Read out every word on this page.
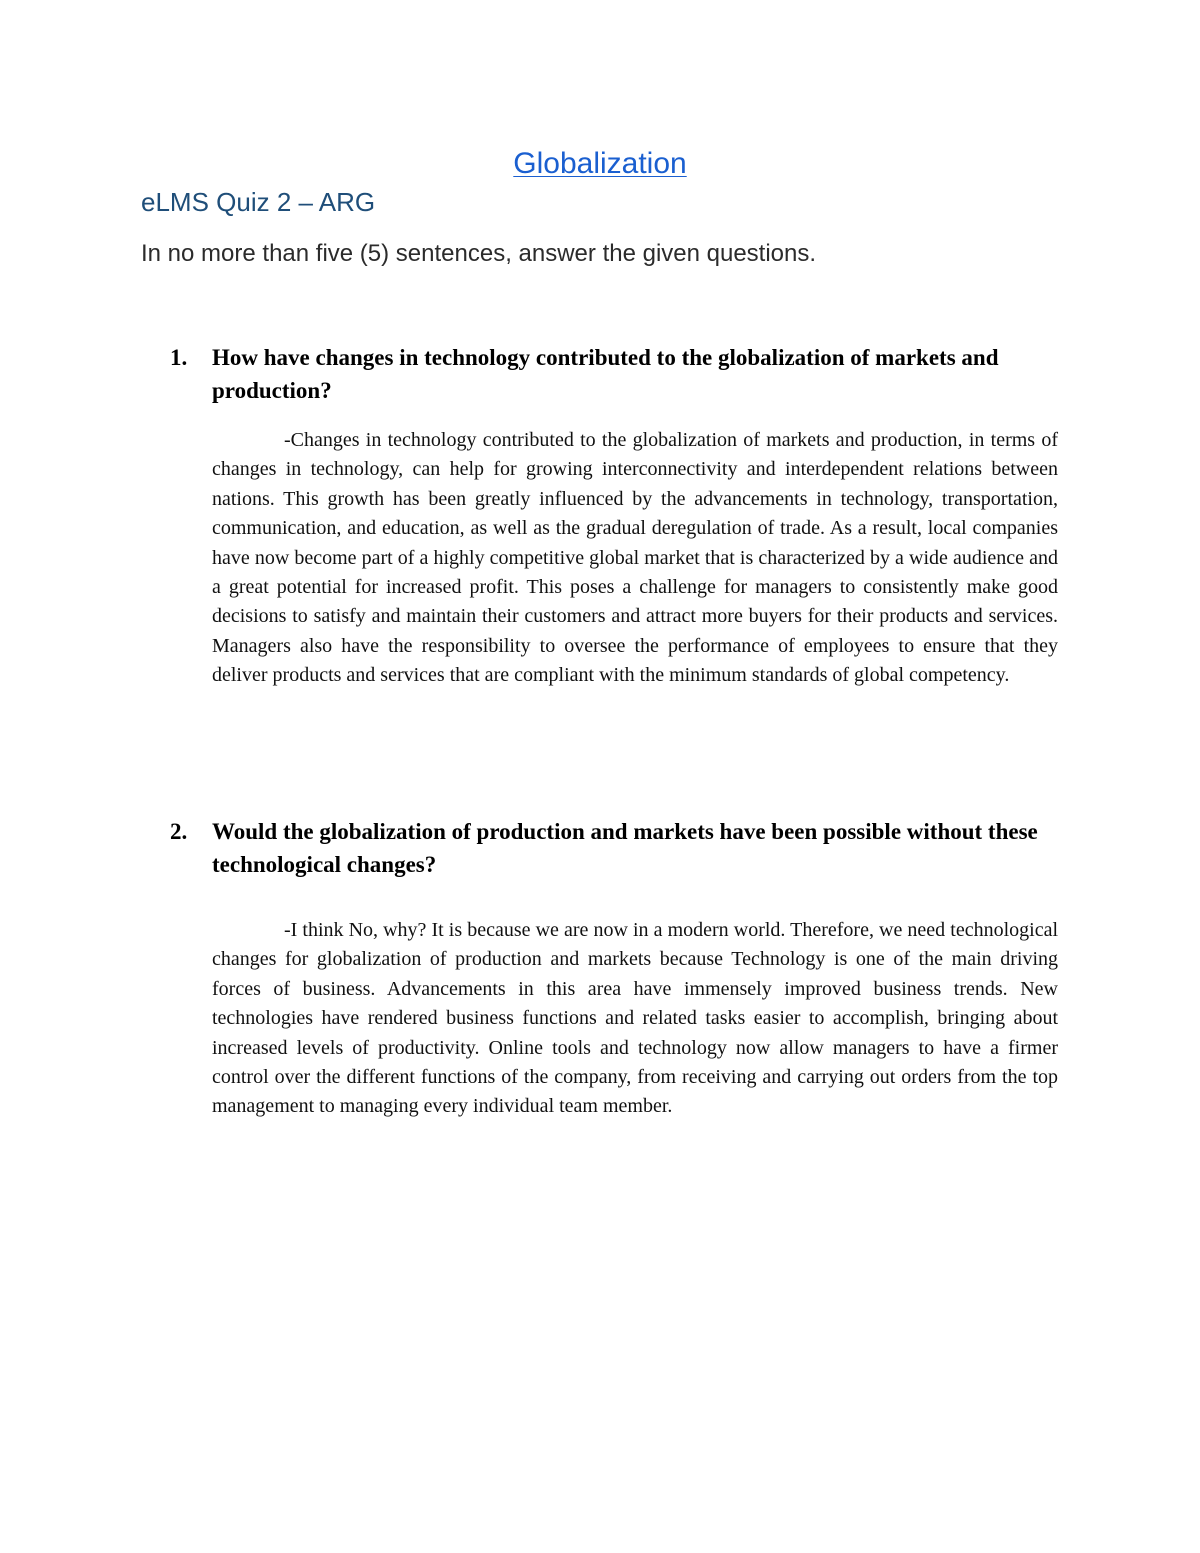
Globalization
eLMS Quiz 2 – ARG

In no more than five (5) sentences, answer the given questions.

1. How have changes in technology contributed to the globalization of markets and production?

-Changes in technology contributed to the globalization of markets and production, in terms of changes in technology, can help for growing interconnectivity and interdependent relations between nations. This growth has been greatly influenced by the advancements in technology, transportation, communication, and education, as well as the gradual deregulation of trade. As a result, local companies have now become part of a highly competitive global market that is characterized by a wide audience and a great potential for increased profit. This poses a challenge for managers to consistently make good decisions to satisfy and maintain their customers and attract more buyers for their products and services. Managers also have the responsibility to oversee the performance of employees to ensure that they deliver products and services that are compliant with the minimum standards of global competency.

2. Would the globalization of production and markets have been possible without these technological changes?

-I think No, why? It is because we are now in a modern world. Therefore, we need technological changes for globalization of production and markets because Technology is one of the main driving forces of business. Advancements in this area have immensely improved business trends. New technologies have rendered business functions and related tasks easier to accomplish, bringing about increased levels of productivity. Online tools and technology now allow managers to have a firmer control over the different functions of the company, from receiving and carrying out orders from the top management to managing every individual team member.
